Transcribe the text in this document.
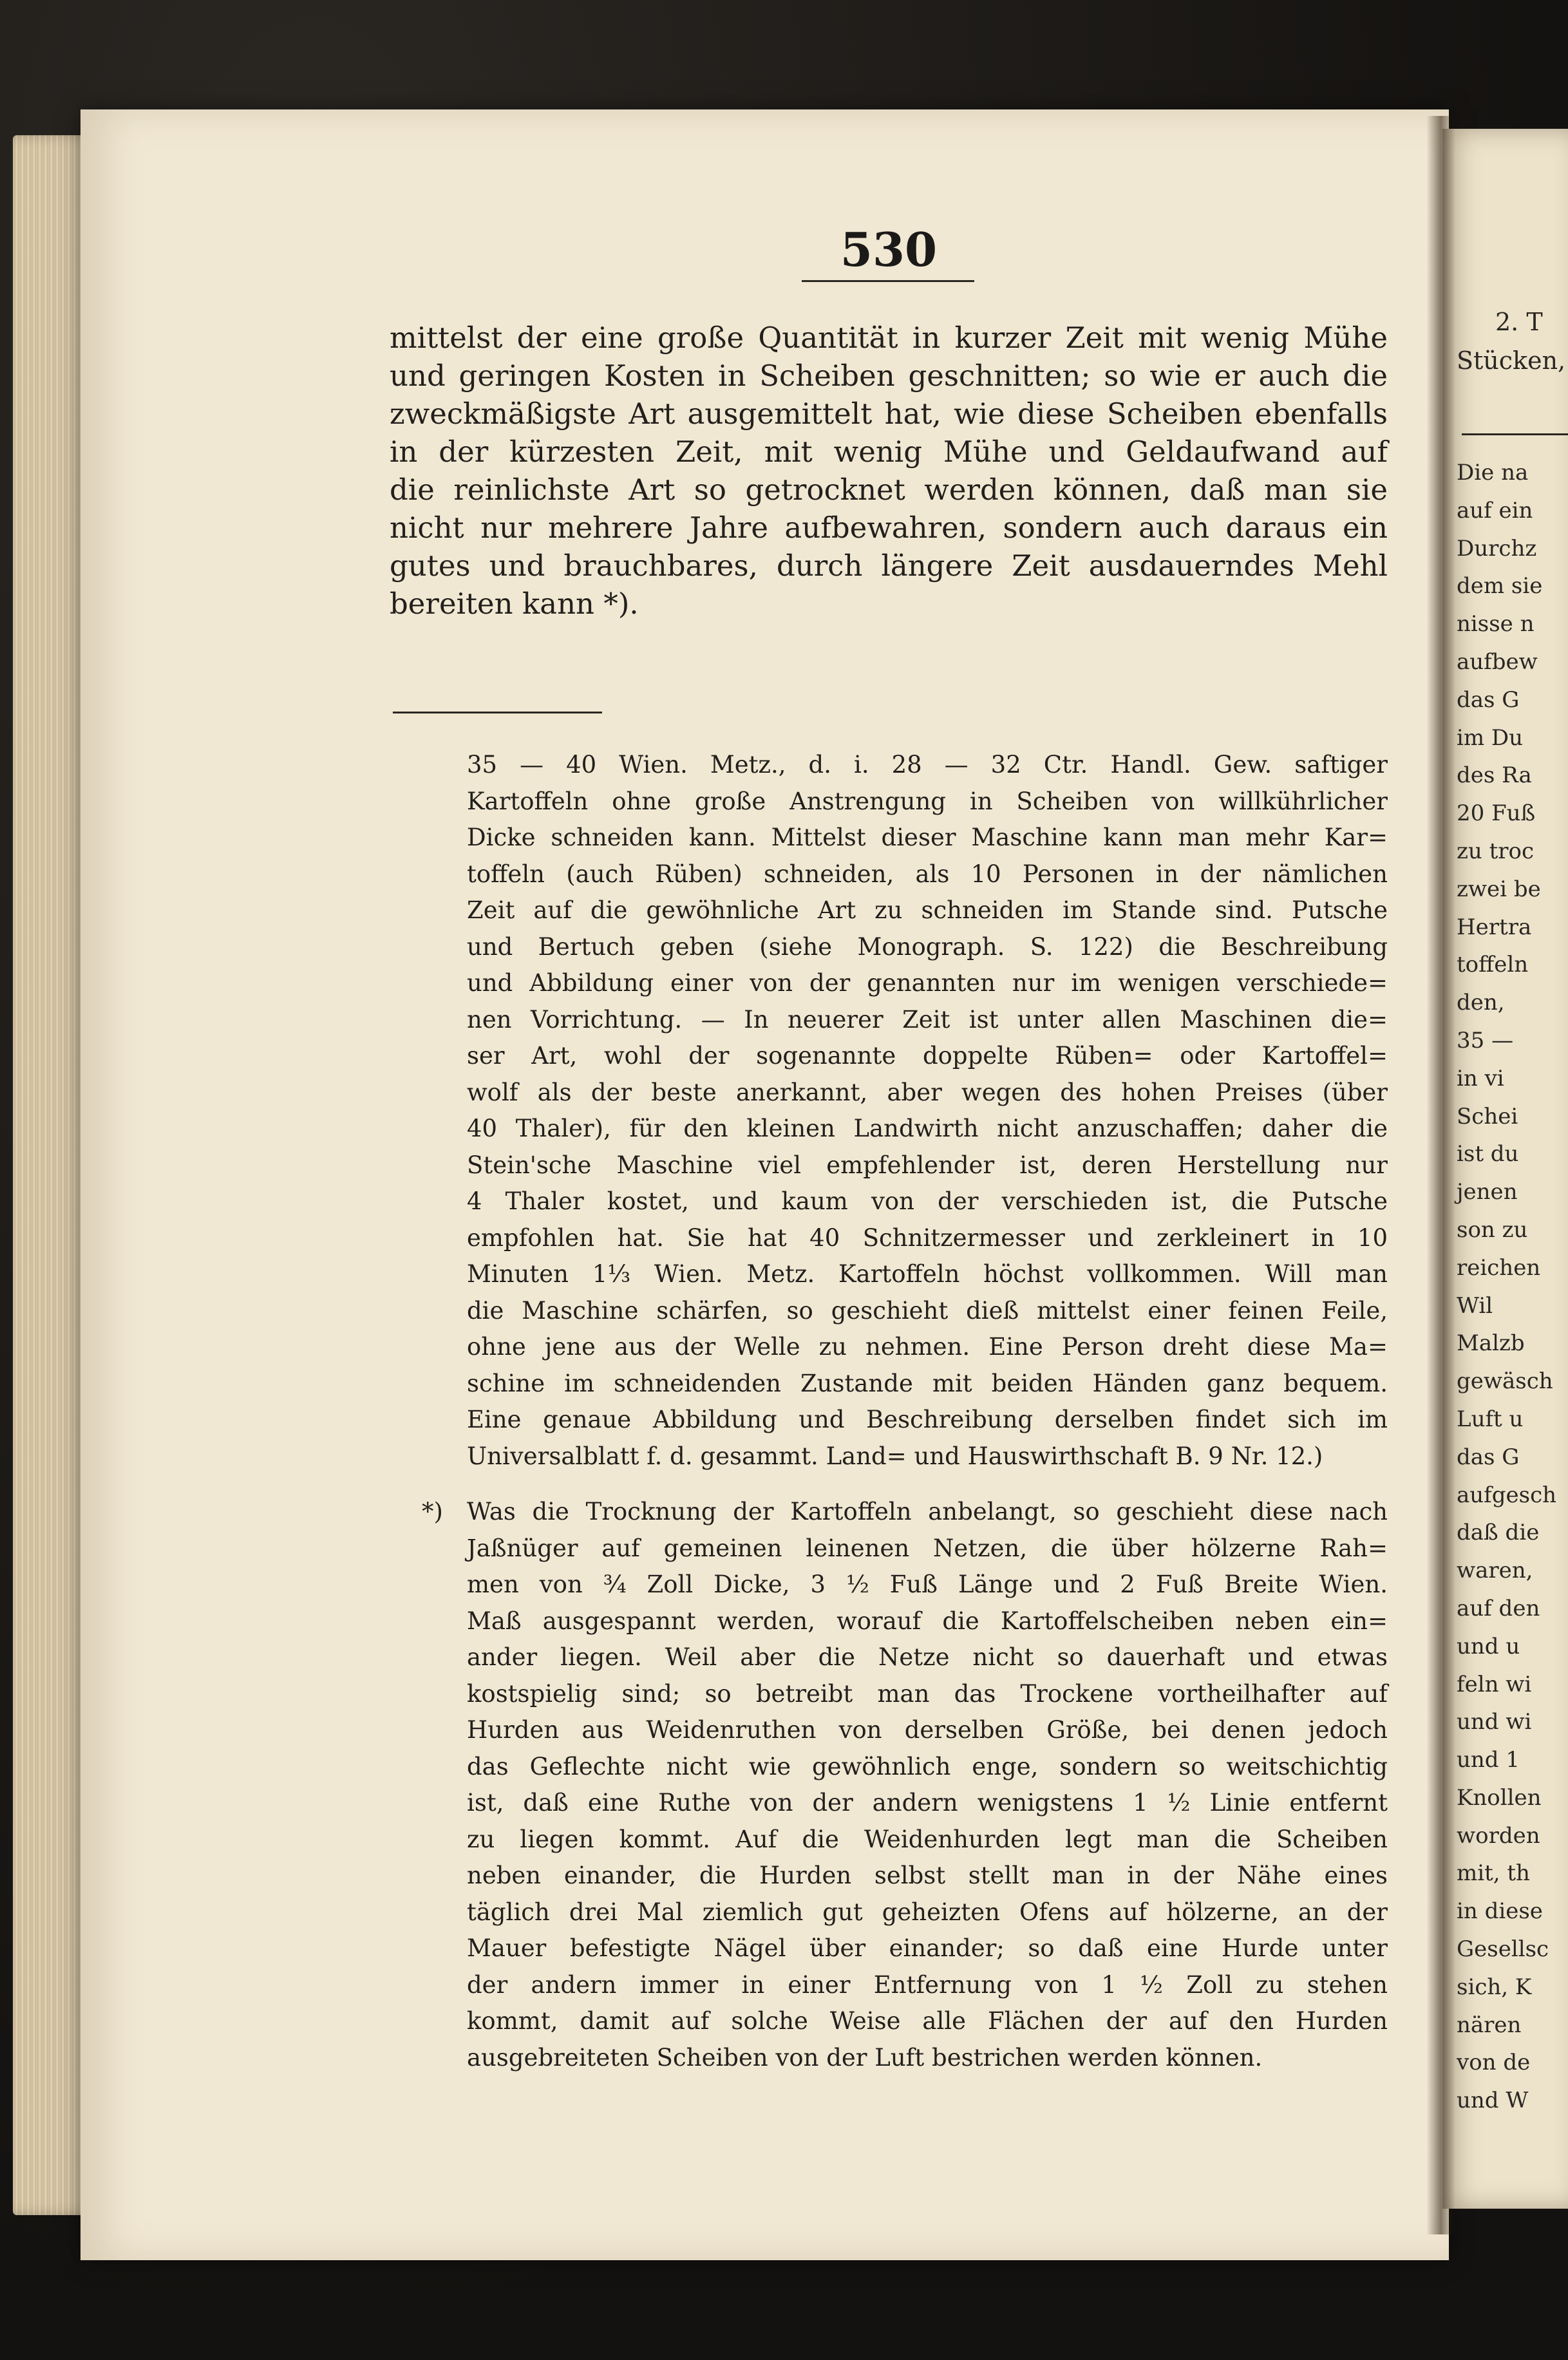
530
mittelst der eine große Quantität in kurzer Zeit mit wenig Mühe
und geringen Kosten in Scheiben geschnitten; so wie er auch die
zweckmäßigste Art ausgemittelt hat, wie diese Scheiben ebenfalls
in der kürzesten Zeit, mit wenig Mühe und Geldaufwand auf
die reinlichste Art so getrocknet werden können, daß man sie
nicht nur mehrere Jahre aufbewahren, sondern auch daraus ein
gutes und brauchbares, durch längere Zeit ausdauerndes Mehl
bereiten kann *).
35 — 40 Wien. Metz., d. i. 28 — 32 Ctr. Handl. Gew. saftiger
Kartoffeln ohne große Anstrengung in Scheiben von willkührlicher
Dicke schneiden kann. Mittelst dieser Maschine kann man mehr Kar=
toffeln (auch Rüben) schneiden, als 10 Personen in der nämlichen
Zeit auf die gewöhnliche Art zu schneiden im Stande sind. Putsche
und Bertuch geben (siehe Monograph. S. 122) die Beschreibung
und Abbildung einer von der genannten nur im wenigen verschiede=
nen Vorrichtung. — In neuerer Zeit ist unter allen Maschinen die=
ser Art, wohl der sogenannte doppelte Rüben= oder Kartoffel=
wolf als der beste anerkannt, aber wegen des hohen Preises (über
40 Thaler), für den kleinen Landwirth nicht anzuschaffen; daher die
Stein'sche Maschine viel empfehlender ist, deren Herstellung nur
4 Thaler kostet, und kaum von der verschieden ist, die Putsche
empfohlen hat. Sie hat 40 Schnitzermesser und zerkleinert in 10
Minuten 1⅓ Wien. Metz. Kartoffeln höchst vollkommen. Will man
die Maschine schärfen, so geschieht dieß mittelst einer feinen Feile,
ohne jene aus der Welle zu nehmen. Eine Person dreht diese Ma=
schine im schneidenden Zustande mit beiden Händen ganz bequem.
Eine genaue Abbildung und Beschreibung derselben findet sich im
Universalblatt f. d. gesammt. Land= und Hauswirthschaft B. 9 Nr. 12.)
*) Was die Trocknung der Kartoffeln anbelangt, so geschieht diese nach
Jaßnüger auf gemeinen leinenen Netzen, die über hölzerne Rah=
men von ¾ Zoll Dicke, 3 ½ Fuß Länge und 2 Fuß Breite Wien.
Maß ausgespannt werden, worauf die Kartoffelscheiben neben ein=
ander liegen. Weil aber die Netze nicht so dauerhaft und etwas
kostspielig sind; so betreibt man das Trockene vortheilhafter auf
Hurden aus Weidenruthen von derselben Größe, bei denen jedoch
das Geflechte nicht wie gewöhnlich enge, sondern so weitschichtig
ist, daß eine Ruthe von der andern wenigstens 1 ½ Linie entfernt
zu liegen kommt. Auf die Weidenhurden legt man die Scheiben
neben einander, die Hurden selbst stellt man in der Nähe eines
täglich drei Mal ziemlich gut geheizten Ofens auf hölzerne, an der
Mauer befestigte Nägel über einander; so daß eine Hurde unter
der andern immer in einer Entfernung von 1 ½ Zoll zu stehen
kommt, damit auf solche Weise alle Flächen der auf den Hurden
ausgebreiteten Scheiben von der Luft bestrichen werden können.
2. T
Stücken,
Die na
auf ein
Durchz
dem sie
nisse n
aufbew
das G
im Du
des Ra
20 Fuß
zu troc
zwei be
Hertra
toffeln
den,
35 —
in vi
Schei
ist du
jenen
son zu
reichen
Wil
Malzb
gewäsch
Luft u
das G
aufgesch
daß die
waren,
auf den
und u
feln wi
und wi
und 1
Knollen
worden
mit, th
in diese
Gesellsc
sich, K
nären
von de
und W
